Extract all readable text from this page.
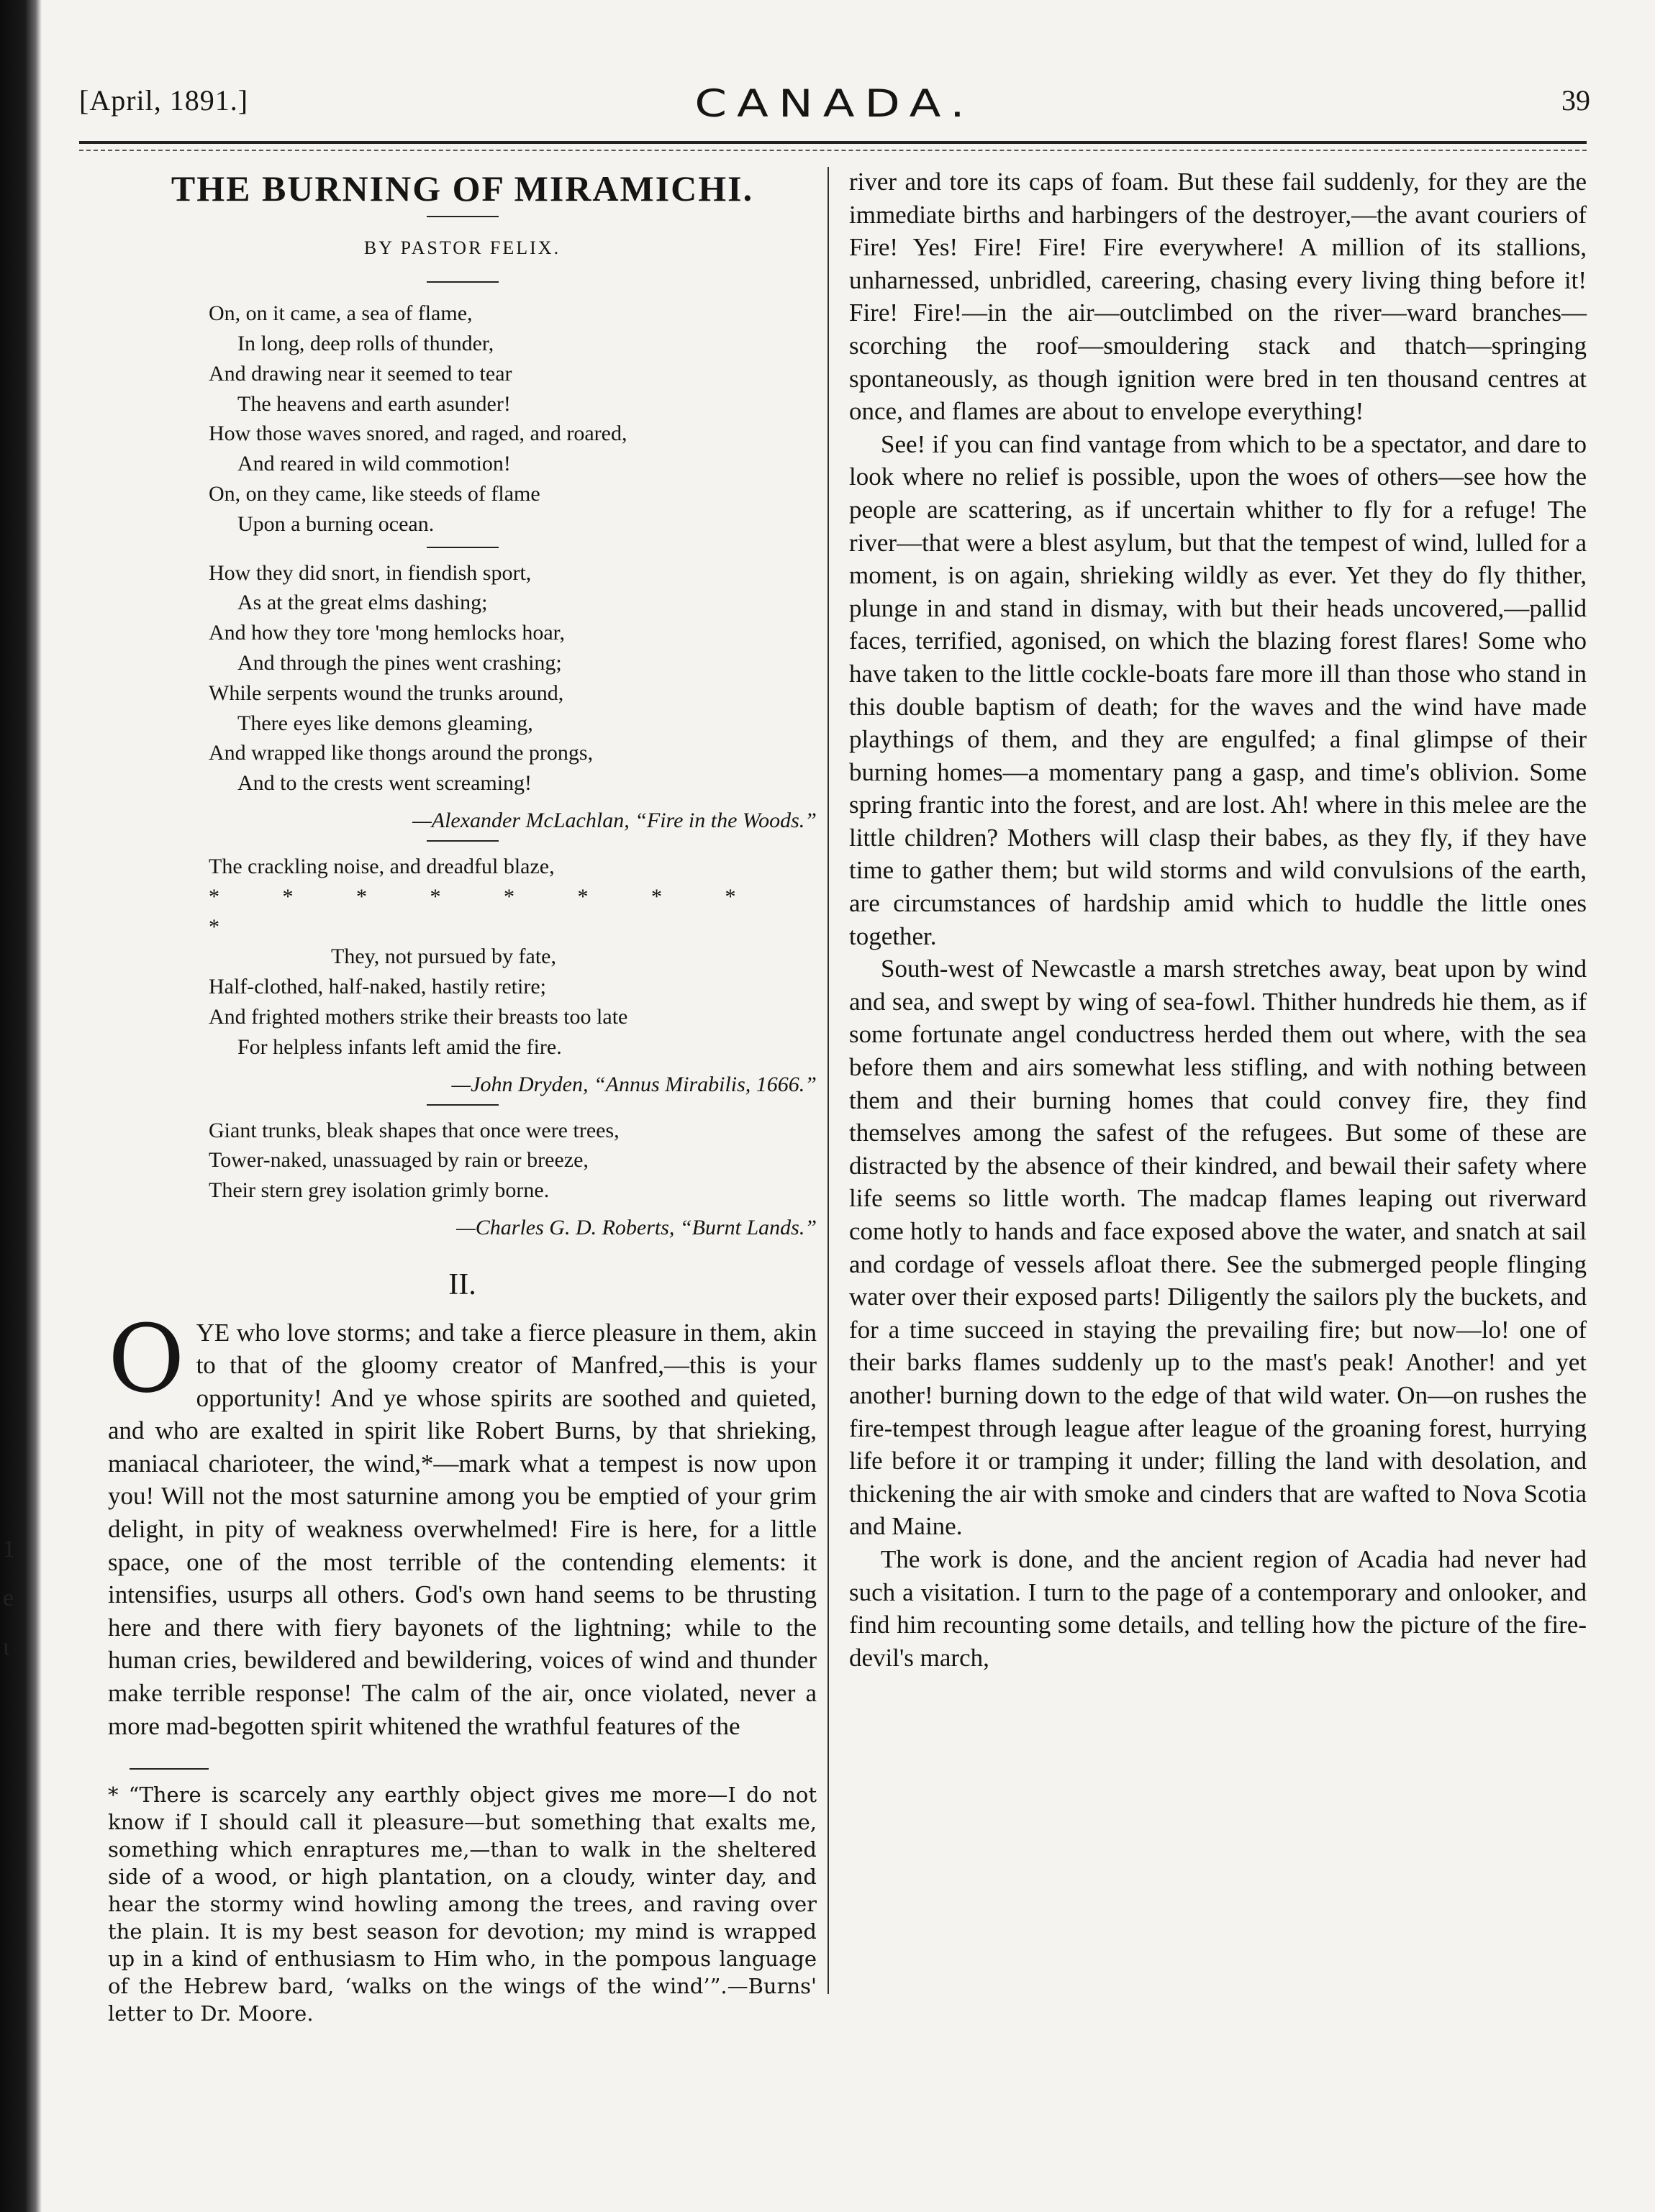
1
e
ι
[April, 1891.]	CANADA.	39
THE BURNING OF MIRAMICHI.
BY PASTOR FELIX.
On, on it came, a sea of flame,
In long, deep rolls of thunder,
And drawing near it seemed to tear
The heavens and earth asunder!
How those waves snored, and raged, and roared,
And reared in wild commotion!
On, on they came, like steeds of flame
Upon a burning ocean.
How they did snort, in fiendish sport,
As at the great elms dashing;
And how they tore 'mong hemlocks hoar,
And through the pines went crashing;
While serpents wound the trunks around,
There eyes like demons gleaming,
And wrapped like thongs around the prongs,
And to the crests went screaming!
—Alexander McLachlan, “Fire in the Woods.”
The crackling noise, and dreadful blaze,
* * * * * * * * *
They, not pursued by fate,
Half-clothed, half-naked, hastily retire;
And frighted mothers strike their breasts too late
For helpless infants left amid the fire.
—John Dryden, “Annus Mirabilis, 1666.”
Giant trunks, bleak shapes that once were trees,
Tower-naked, unassuaged by rain or breeze,
Their stern grey isolation grimly borne.
—Charles G. D. Roberts, “Burnt Lands.”
II.

O YE who love storms; and take a fierce pleasure in them, akin to that of the gloomy creator of Manfred,—this is your opportunity! And ye whose spirits are soothed and quieted, and who are exalted in spirit like Robert Burns, by that shrieking, maniacal charioteer, the wind,*—mark what a tempest is now upon you! Will not the most saturnine among you be emptied of your grim delight, in pity of weakness overwhelmed! Fire is here, for a little space, one of the most terrible of the contending elements: it intensifies, usurps all others. God's own hand seems to be thrusting here and there with fiery bayonets of the lightning; while to the human cries, bewildered and bewildering, voices of wind and thunder make terrible response! The calm of the air, once violated, never a more mad-begotten spirit whitened the wrathful features of the

* “There is scarcely any earthly object gives me more—I do not know if I should call it pleasure—but something that exalts me, something which enraptures me,—than to walk in the sheltered side of a wood, or high plantation, on a cloudy, winter day, and hear the stormy wind howling among the trees, and raving over the plain. It is my best season for devotion; my mind is wrapped up in a kind of enthusiasm to Him who, in the pompous language of the Hebrew bard, ‘walks on the wings of the wind’”.—Burns' letter to Dr. Moore.

river and tore its caps of foam. But these fail suddenly, for they are the immediate births and harbingers of the destroyer,—the avant couriers of Fire! Yes! Fire! Fire! Fire everywhere! A million of its stallions, unharnessed, unbridled, careering, chasing every living thing before it! Fire! Fire!—in the air—outclimbed on the river—ward branches—scorching the roof—smouldering stack and thatch—springing spontaneously, as though ignition were bred in ten thousand centres at once, and flames are about to envelope everything!

See! if you can find vantage from which to be a spectator, and dare to look where no relief is possible, upon the woes of others—see how the people are scattering, as if uncertain whither to fly for a refuge! The river—that were a blest asylum, but that the tempest of wind, lulled for a moment, is on again, shrieking wildly as ever. Yet they do fly thither, plunge in and stand in dismay, with but their heads uncovered,—pallid faces, terrified, agonised, on which the blazing forest flares! Some who have taken to the little cockle-boats fare more ill than those who stand in this double baptism of death; for the waves and the wind have made playthings of them, and they are engulfed; a final glimpse of their burning homes—a momentary pang a gasp, and time's oblivion. Some spring frantic into the forest, and are lost. Ah! where in this melee are the little children? Mothers will clasp their babes, as they fly, if they have time to gather them; but wild storms and wild convulsions of the earth, are circumstances of hardship amid which to huddle the little ones together.

South-west of Newcastle a marsh stretches away, beat upon by wind and sea, and swept by wing of sea-fowl. Thither hundreds hie them, as if some fortunate angel conductress herded them out where, with the sea before them and airs somewhat less stifling, and with nothing between them and their burning homes that could convey fire, they find themselves among the safest of the refugees. But some of these are distracted by the absence of their kindred, and bewail their safety where life seems so little worth. The madcap flames leaping out riverward come hotly to hands and face exposed above the water, and snatch at sail and cordage of vessels afloat there. See the submerged people flinging water over their exposed parts! Diligently the sailors ply the buckets, and for a time succeed in staying the prevailing fire; but now—lo! one of their barks flames suddenly up to the mast's peak! Another! and yet another! burning down to the edge of that wild water. On—on rushes the fire-tempest through league after league of the groaning forest, hurrying life before it or tramping it under; filling the land with desolation, and thickening the air with smoke and cinders that are wafted to Nova Scotia and Maine.

The work is done, and the ancient region of Acadia had never had such a visitation. I turn to the page of a contemporary and onlooker, and find him recounting some details, and telling how the picture of the fire-devil's march,
